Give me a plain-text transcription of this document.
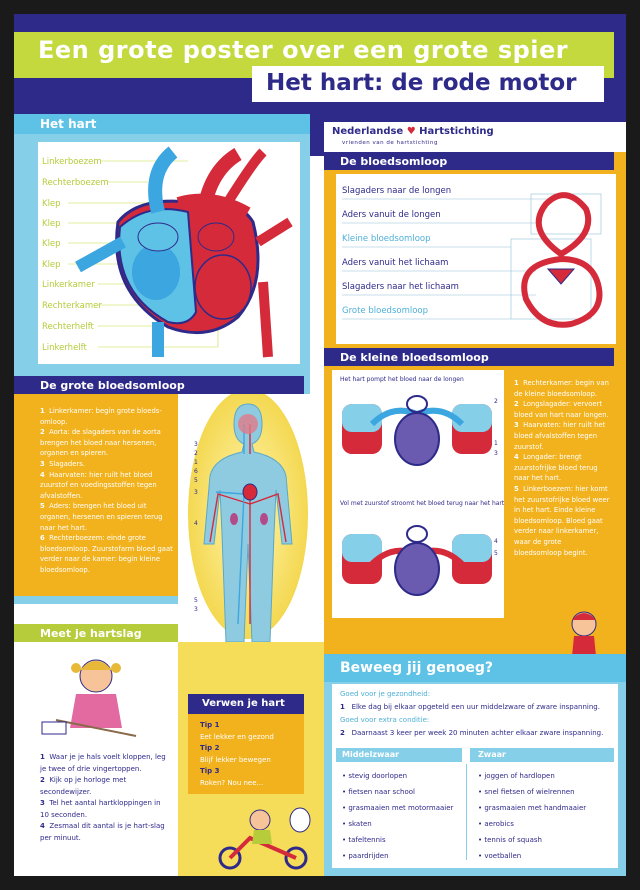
Een grote poster over een grote spier
Het hart: de rode motor
Het hart
Linkerboezem
Rechterboezem
Klep
Klep
Klep
Klep
Linkerkamer
Rechterkamer
Rechterhelft
Linkerhelft
Nederlandse ♥ Hartstichting
vrienden van de hartstichting
De bloedsomloop
Slagaders naar de longen
Aders vanuit de longen
Kleine bloedsomloop
Aders vanuit het lichaam
Slagaders naar het lichaam
Grote bloedsomloop
De grote bloedsomloop
1 Linkerkamer: begin grote bloeds-omloop.
2 Aorta: de slagaders van de aorta brengen het bloed naar hersenen, organen en spieren.
3 Slagaders.
4 Haarvaten: hier ruilt het bloed zuurstof en voedingsstoffen tegen afvalstoffen.
5 Aders: brengen het bloed uit organen, hersenen en spieren terug naar het hart.
6 Rechterboezem: einde grote bloedsomloop. Zuurstofarm bloed gaat verder naar de kamer: begin kleine bloedsomloop.
3
2
1
6
5
3
4
5
3
De kleine bloedsomloop
Het hart pompt het bloed naar de longen
Vol met zuurstof stroomt het bloed terug naar het hart
2
1
3
4
5
1 Rechterkamer: begin van de kleine bloedsomloop.
2 Longslagader: vervoert bloed van hart naar longen.
3 Haarvaten: hier ruilt het bloed afvalstoffen tegen zuurstof.
4 Longader: brengt zuurstofrijke bloed terug naar het hart.
5 Linkerboezem: hier komt het zuurstofrijke bloed weer in het hart. Einde kleine bloedsomloop. Bloed gaat verder naar linkerkamer, waar de grote bloedsomloop begint.
Meet je hartslag
1 Waar je je hals voelt kloppen, leg je twee of drie vingertoppen.
2 Kijk op je horloge met secondewijzer.
3 Tel het aantal hartkloppingen in 10 seconden.
4 Zesmaal dit aantal is je hart-slag per minuut.
Verwen je hart
Tip 1
Eet lekker en gezond
Tip 2
Blijf lekker bewegen
Tip 3
Roken? Nou nee...
Beweeg jij genoeg?
Goed voor je gezondheid:
1 Elke dag bij elkaar opgeteld een uur middelzware of zware inspanning.
Goed voor extra conditie:
2 Daarnaast 3 keer per week 20 minuten achter elkaar zware inspanning.
Middelzwaar	Zwaar
• stevig doorlopen
• fietsen naar school
• grasmaaien met motormaaier
• skaten
• tafeltennis
• paardrijden
• joggen of hardlopen
• snel fietsen of wielrennen
• grasmaaien met handmaaier
• aerobics
• tennis of squash
• voetballen
